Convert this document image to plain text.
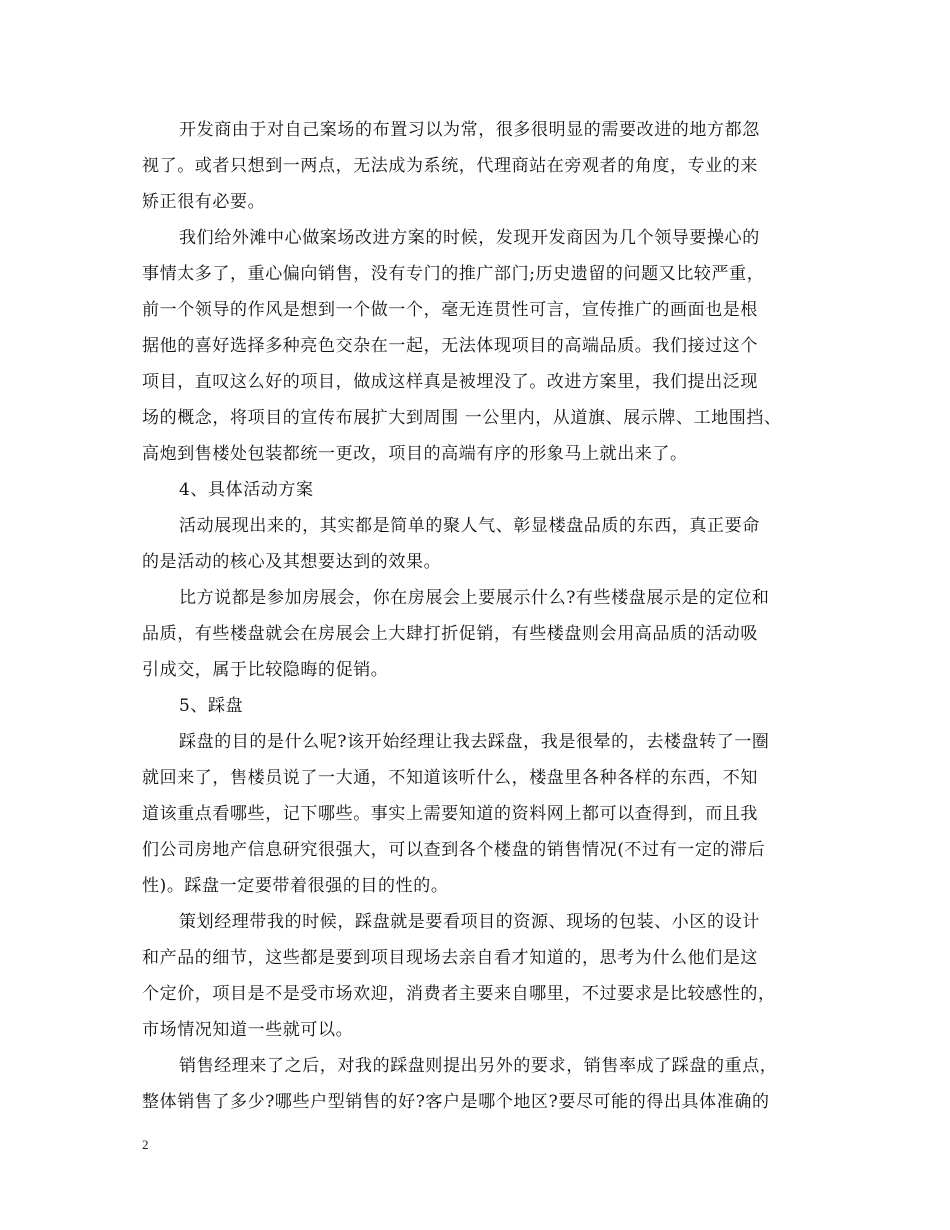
开发商由于对自己案场的布置习以为常，很多很明显的需要改进的地方都忽
视了。或者只想到一两点，无法成为系统，代理商站在旁观者的角度，专业的来
矫正很有必要。
我们给外滩中心做案场改进方案的时候，发现开发商因为几个领导要操心的
事情太多了，重心偏向销售，没有专门的推广部门;历史遗留的问题又比较严重，
前一个领导的作风是想到一个做一个，毫无连贯性可言，宣传推广的画面也是根
据他的喜好选择多种亮色交杂在一起，无法体现项目的高端品质。我们接过这个
项目，直叹这么好的项目，做成这样真是被埋没了。改进方案里，我们提出泛现
场的概念，将项目的宣传布展扩大到周围 一公里内，从道旗、展示牌、工地围挡、
高炮到售楼处包装都统一更改，项目的高端有序的形象马上就出来了。
4、具体活动方案
活动展现出来的，其实都是简单的聚人气、彰显楼盘品质的东西，真正要命
的是活动的核心及其想要达到的效果。
比方说都是参加房展会，你在房展会上要展示什么?有些楼盘展示是的定位和
品质，有些楼盘就会在房展会上大肆打折促销，有些楼盘则会用高品质的活动吸
引成交，属于比较隐晦的促销。
5、踩盘
踩盘的目的是什么呢?该开始经理让我去踩盘，我是很晕的，去楼盘转了一圈
就回来了，售楼员说了一大通，不知道该听什么，楼盘里各种各样的东西，不知
道该重点看哪些，记下哪些。事实上需要知道的资料网上都可以查得到，而且我
们公司房地产信息研究很强大，可以查到各个楼盘的销售情况(不过有一定的滞后
性)。踩盘一定要带着很强的目的性的。
策划经理带我的时候，踩盘就是要看项目的资源、现场的包装、小区的设计
和产品的细节，这些都是要到项目现场去亲自看才知道的，思考为什么他们是这
个定价，项目是不是受市场欢迎，消费者主要来自哪里，不过要求是比较感性的，
市场情况知道一些就可以。
销售经理来了之后，对我的踩盘则提出另外的要求，销售率成了踩盘的重点，
整体销售了多少?哪些户型销售的好?客户是哪个地区?要尽可能的得出具体准确的
2
